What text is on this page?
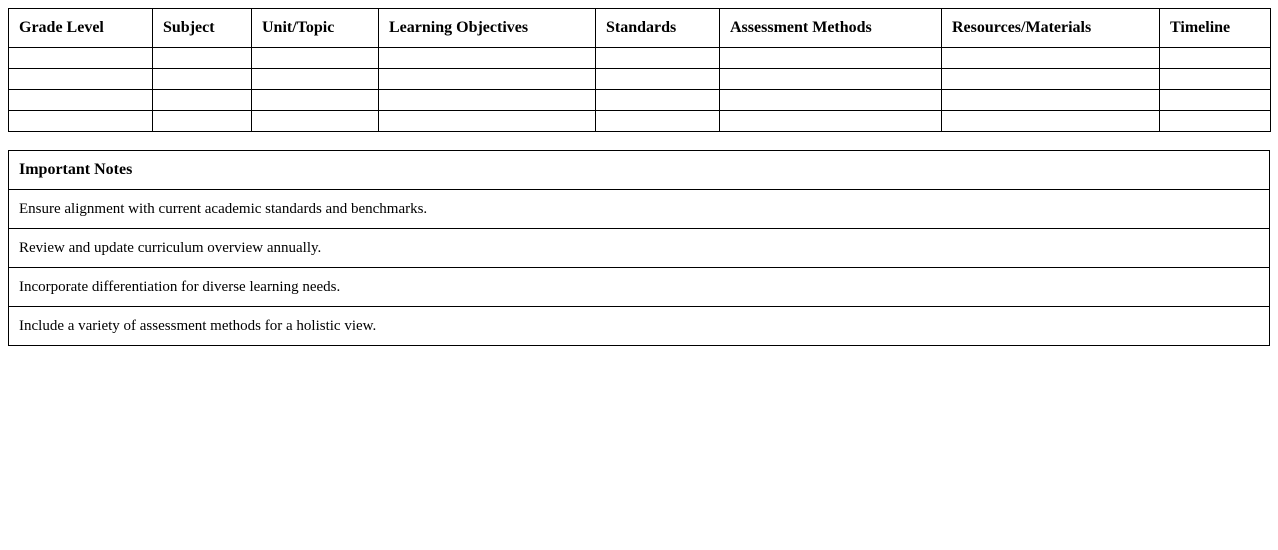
Grade Level	Subject	Unit/Topic	Learning Objectives	Standards	Assessment Methods	Resources/Materials	Timeline

Important Notes
Ensure alignment with current academic standards and benchmarks.
Review and update curriculum overview annually.
Incorporate differentiation for diverse learning needs.
Include a variety of assessment methods for a holistic view.
